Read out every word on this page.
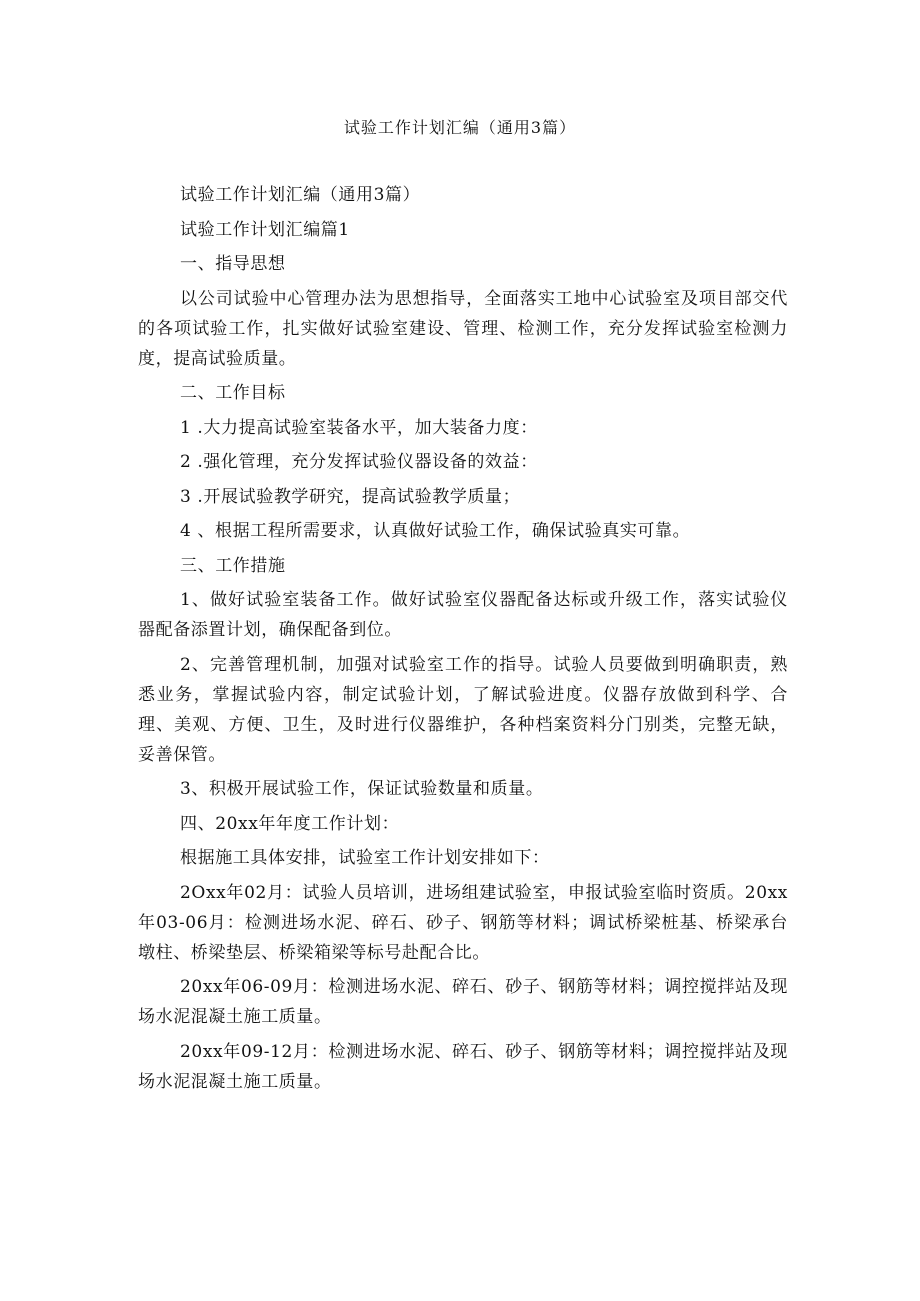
试验工作计划汇编（通用3篇）

试验工作计划汇编（通用3篇）

试验工作计划汇编篇1

一、指导思想

以公司试验中心管理办法为思想指导，全面落实工地中心试验室及项目部交代的各项试验工作，扎实做好试验室建设、管理、检测工作，充分发挥试验室检测力度，提高试验质量。

二、工作目标

1 .大力提高试验室装备水平，加大装备力度：

2 .强化管理，充分发挥试验仪器设备的效益：

3 .开展试验教学研究，提高试验教学质量；

4 、根据工程所需要求，认真做好试验工作，确保试验真实可靠。

三、工作措施

1、做好试验室装备工作。做好试验室仪器配备达标或升级工作，落实试验仪器配备添置计划，确保配备到位。

2、完善管理机制，加强对试验室工作的指导。试验人员要做到明确职责，熟悉业务，掌握试验内容，制定试验计划，了解试验进度。仪器存放做到科学、合理、美观、方便、卫生，及时进行仪器维护，各种档案资料分门别类，完整无缺，妥善保管。

3、积极开展试验工作，保证试验数量和质量。

四、20xx年年度工作计划：

根据施工具体安排，试验室工作计划安排如下：

2Oxx年02月：试验人员培训，进场组建试验室，申报试验室临时资质。20xx年03-06月：检测进场水泥、碎石、砂子、钢筋等材料；调试桥梁桩基、桥梁承台墩柱、桥梁垫层、桥梁箱梁等标号赴配合比。

20xx年06-09月：检测进场水泥、碎石、砂子、钢筋等材料；调控搅拌站及现场水泥混凝土施工质量。

20xx年09-12月：检测进场水泥、碎石、砂子、钢筋等材料；调控搅拌站及现场水泥混凝土施工质量。
